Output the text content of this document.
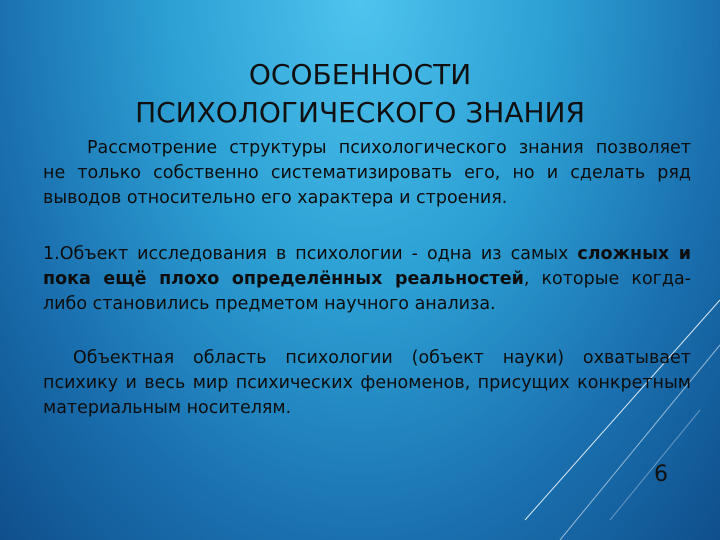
ОСОБЕННОСТИ
ПСИХОЛОГИЧЕСКОГО ЗНАНИЯ

Рассмотрение структуры психологического знания позволяет не только собственно систематизировать его, но и сделать ряд выводов относительно его характера и строения.

1.Объект исследования в психологии - одна из самых сложных и пока ещё плохо определённых реальностей, которые когда-либо становились предметом научного анализа.

Объектная область психологии (объект науки) охватывает психику и весь мир психических феноменов, присущих конкретным материальным носителям.

6
